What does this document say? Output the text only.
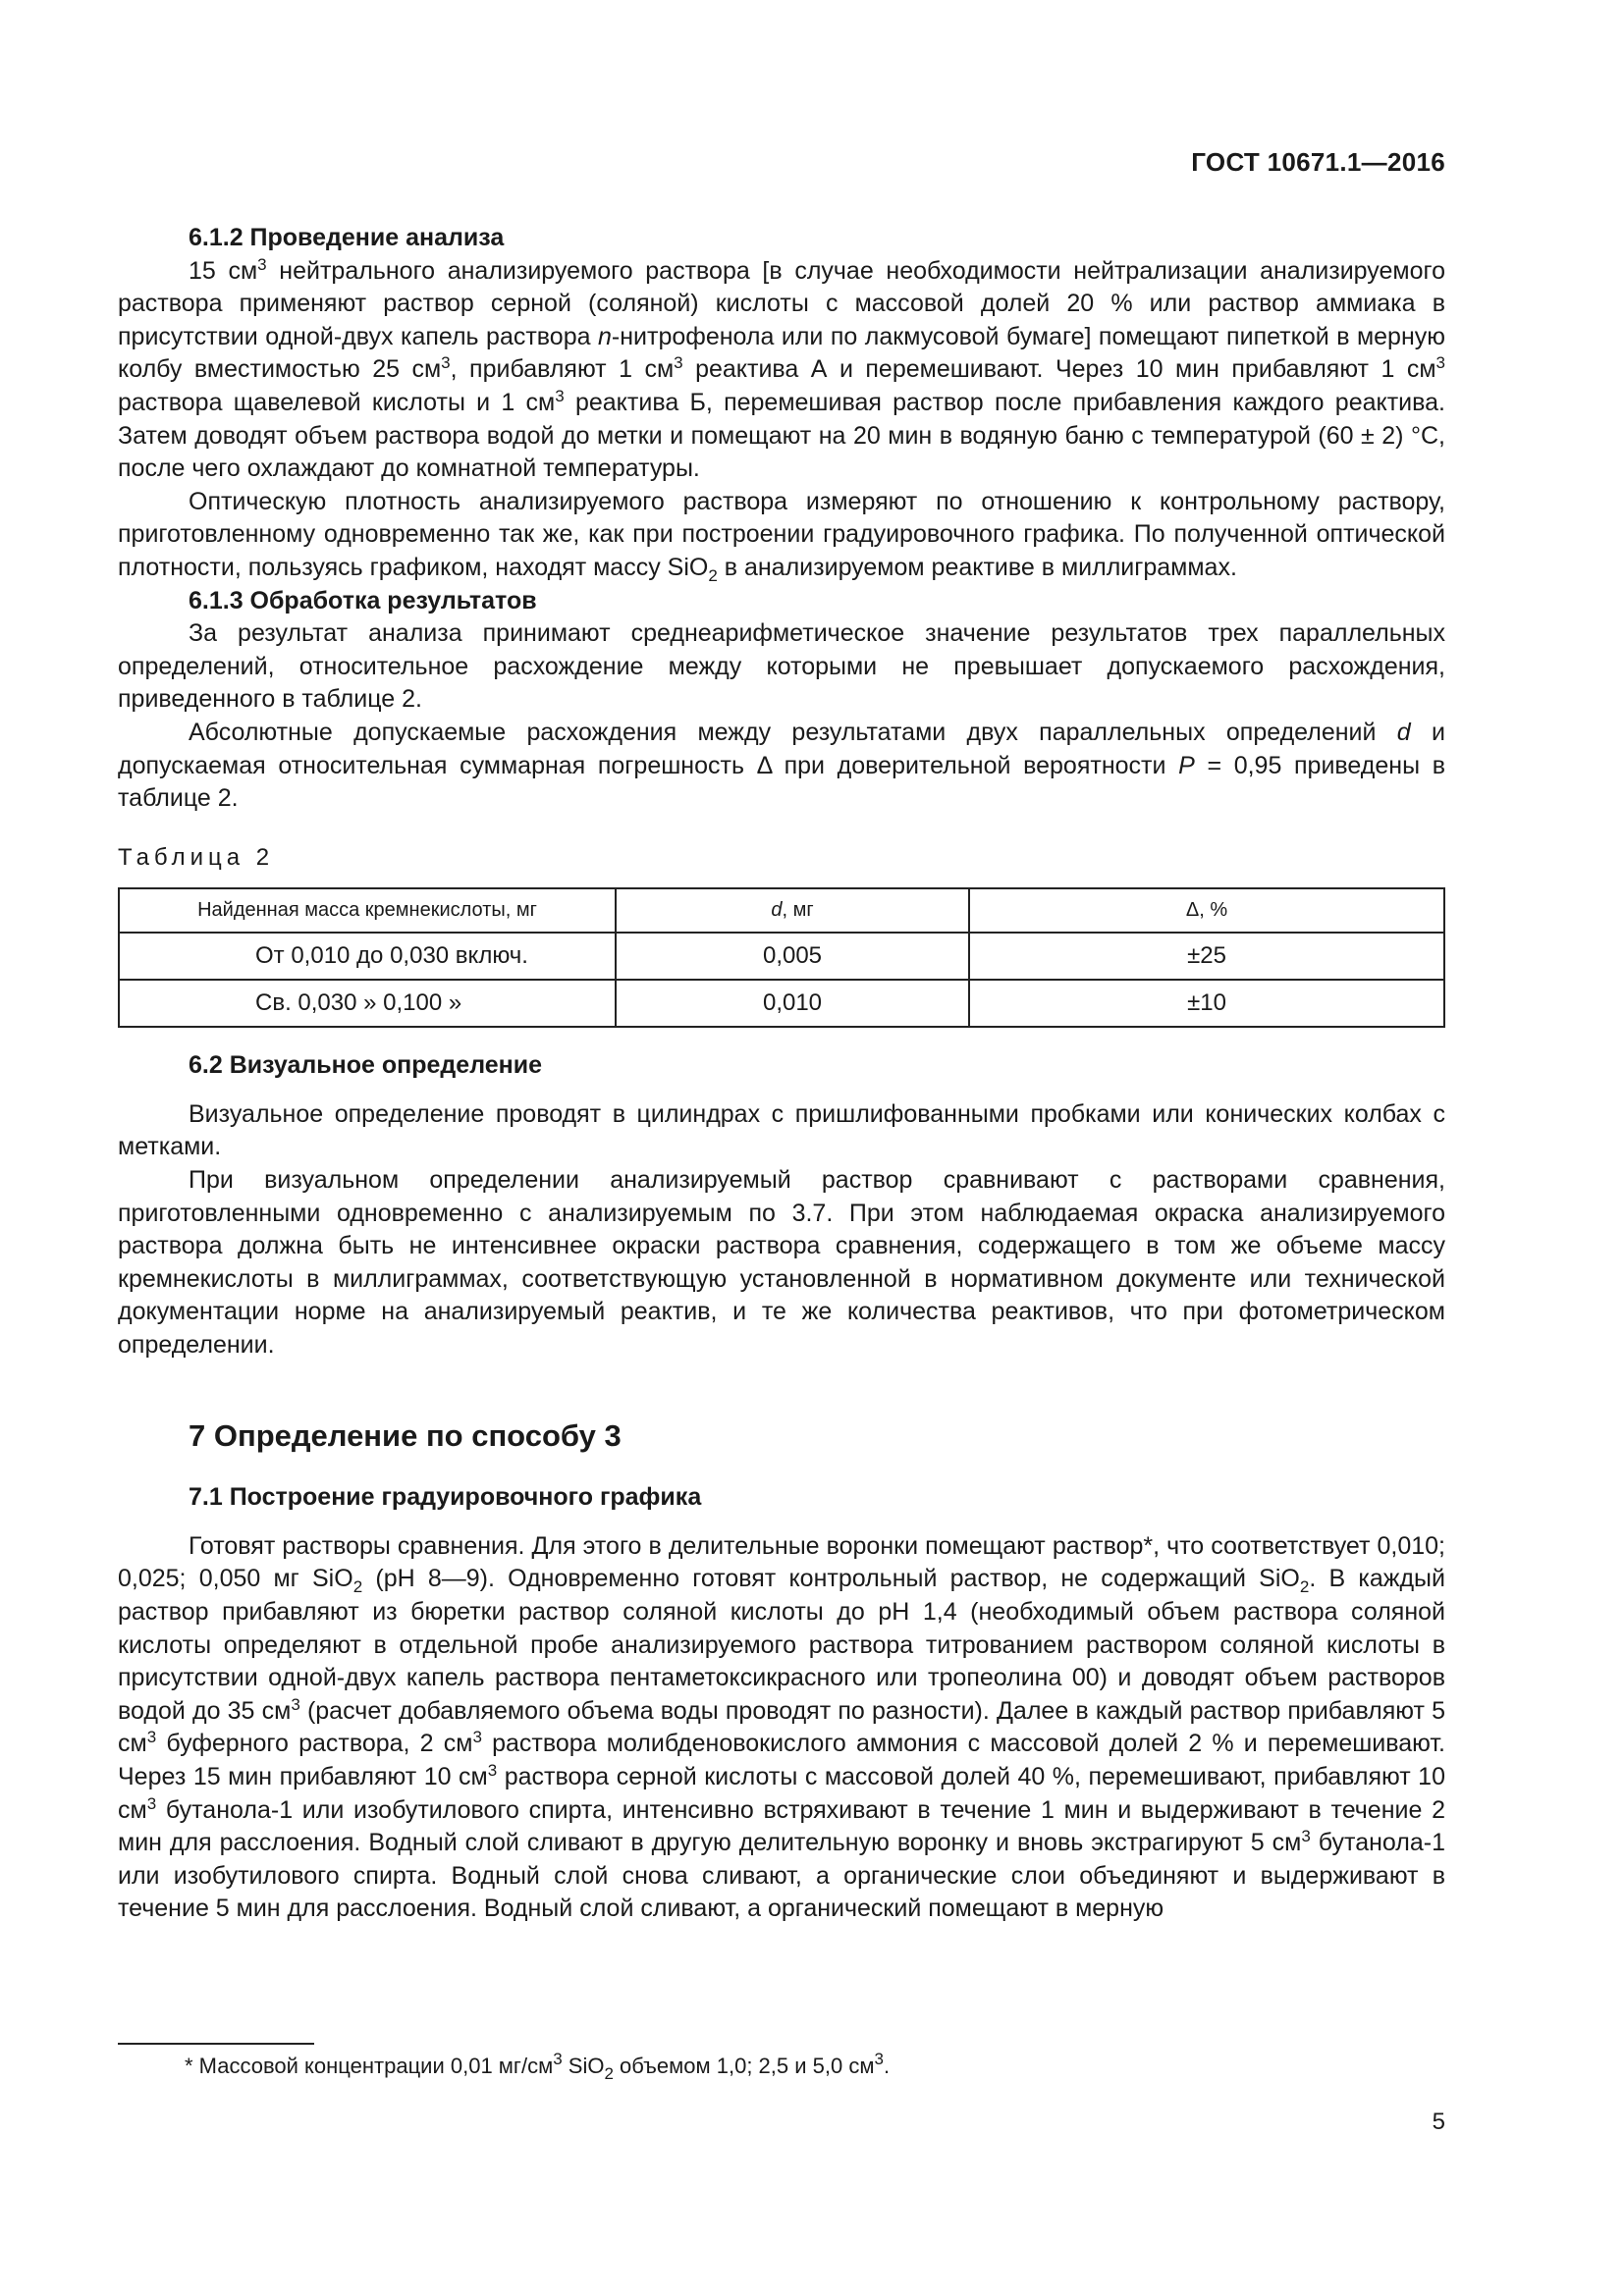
ГОСТ 10671.1—2016
6.1.2 Проведение анализа

15 $см^3$ нейтрального анализируемого раствора [в случае необходимости нейтрализации анализируемого раствора применяют раствор серной (соляной) кислоты с массовой долей 20 % или раствор аммиака в присутствии одной-двух капель раствора n-нитрофенола или по лакмусовой бумаге] помещают пипеткой в мерную колбу вместимостью 25 $см^3$, прибавляют 1 $см^3$ реактива А и перемешивают. Через 10 мин прибавляют 1 $см^3$ раствора щавелевой кислоты и 1 $см^3$ реактива Б, перемешивая раствор после прибавления каждого реактива. Затем доводят объем раствора водой до метки и помещают на 20 мин в водяную баню с температурой (60 ± 2) °С, после чего охлаждают до комнатной температуры.

Оптическую плотность анализируемого раствора измеряют по отношению к контрольному раствору, приготовленному одновременно так же, как при построении градуировочного графика. По полученной оптической плотности, пользуясь графиком, находят массу SiO$_2$ в анализируемом реактиве в миллиграммах.

6.1.3 Обработка результатов

За результат анализа принимают среднеарифметическое значение результатов трех параллельных определений, относительное расхождение между которыми не превышает допускаемого расхождения, приведенного в таблице 2.

Абсолютные допускаемые расхождения между результатами двух параллельных определений d и допускаемая относительная суммарная погрешность Δ при доверительной вероятности P = 0,95 приведены в таблице 2.

Таблица 2
Найденная масса кремнекислоты, мг	d, мг	Δ, %
От 0,010 до 0,030 включ.	0,005	±25
Св. 0,030 » 0,100 »	0,010	±10
6.2 Визуальное определение

Визуальное определение проводят в цилиндрах с пришлифованными пробками или конических колбах с метками.

При визуальном определении анализируемый раствор сравнивают с растворами сравнения, приготовленными одновременно с анализируемым по 3.7. При этом наблюдаемая окраска анализируемого раствора должна быть не интенсивнее окраски раствора сравнения, содержащего в том же объеме массу кремнекислоты в миллиграммах, соответствующую установленной в нормативном документе или технической документации норме на анализируемый реактив, и те же количества реактивов, что при фотометрическом определении.

7 Определение по способу 3
7.1 Построение градуировочного графика

Готовят растворы сравнения. Для этого в делительные воронки помещают раствор*, что соответствует 0,010; 0,025; 0,050 мг SiO$_2$ (рН 8—9). Одновременно готовят контрольный раствор, не содержащий SiO$_2$. В каждый раствор прибавляют из бюретки раствор соляной кислоты до рН 1,4 (необходимый объем раствора соляной кислоты определяют в отдельной пробе анализируемого раствора титрованием раствором соляной кислоты в присутствии одной-двух капель раствора пентаметоксикрасного или тропеолина 00) и доводят объем растворов водой до 35 $см^3$ (расчет добавляемого объема воды проводят по разности). Далее в каждый раствор прибавляют 5 $см^3$ буферного раствора, 2 $см^3$ раствора молибденовокислого аммония с массовой долей 2 % и перемешивают. Через 15 мин прибавляют 10 $см^3$ раствора серной кислоты с массовой долей 40 %, перемешивают, прибавляют 10 $см^3$ бутанола-1 или изобутилового спирта, интенсивно встряхивают в течение 1 мин и выдерживают в течение 2 мин для расслоения. Водный слой сливают в другую делительную воронку и вновь экстрагируют 5 $см^3$ бутанола-1 или изобутилового спирта. Водный слой снова сливают, а органические слои объединяют и выдерживают в течение 5 мин для расслоения. Водный слой сливают, а органический помещают в мерную

* Массовой концентрации 0,01 $мг/см^3$ SiO$_2$ объемом 1,0; 2,5 и 5,0 $см^3$.
5
